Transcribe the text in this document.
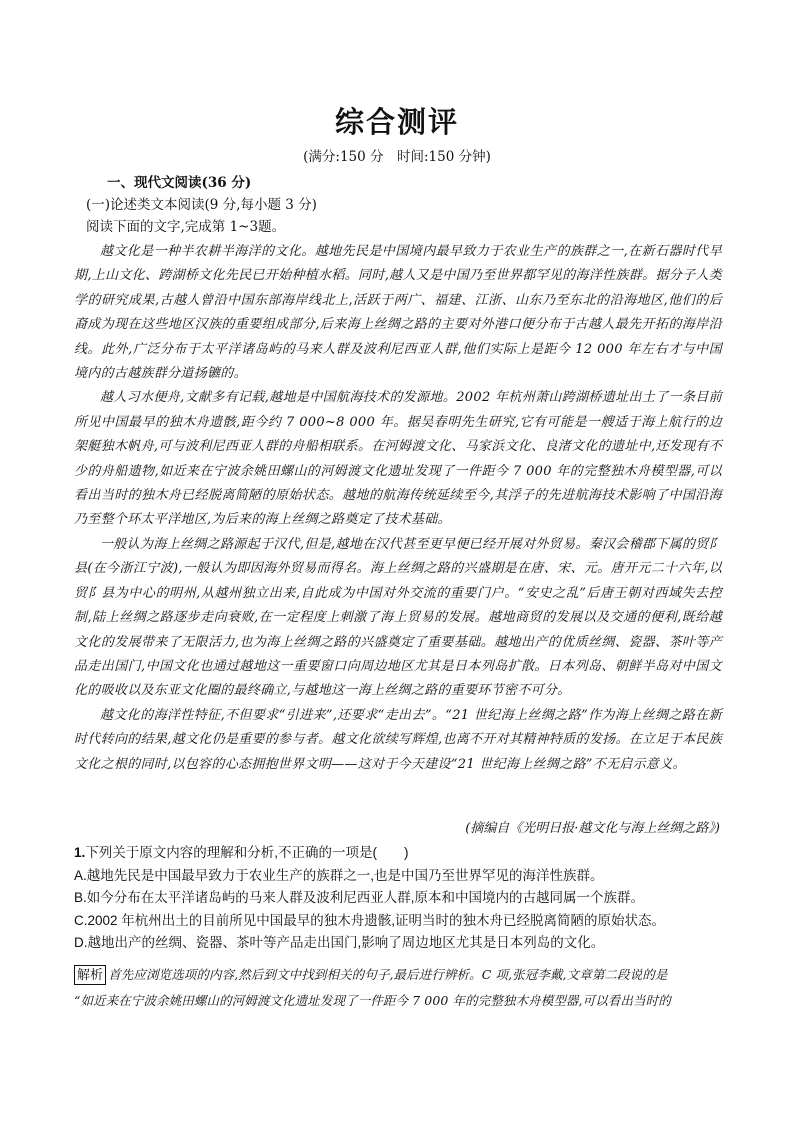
综合测评
(满分:150 分　时间:150 分钟)
一、现代文阅读(36 分)
(一)论述类文本阅读(9 分,每小题 3 分)
阅读下面的文字,完成第 1~3题。

越文化是一种半农耕半海洋的文化。越地先民是中国境内最早致力于农业生产的族群之一,在新石器时代早期,上山文化、跨湖桥文化先民已开始种植水稻。同时,越人又是中国乃至世界都罕见的海洋性族群。据分子人类学的研究成果,古越人曾沿中国东部海岸线北上,活跃于两广、福建、江浙、山东乃至东北的沿海地区,他们的后裔成为现在这些地区汉族的重要组成部分,后来海上丝绸之路的主要对外港口便分布于古越人最先开拓的海岸沿线。此外,广泛分布于太平洋诸岛屿的马来人群及波利尼西亚人群,他们实际上是距今 12 000 年左右才与中国境内的古越族群分道扬镳的。

越人习水便舟,文献多有记载,越地是中国航海技术的发源地。2002 年杭州萧山跨湖桥遗址出土了一条目前所见中国最早的独木舟遗骸,距今约 7 000~8 000 年。据吴春明先生研究,它有可能是一艘适于海上航行的边架艇独木帆舟,可与波利尼西亚人群的舟船相联系。在河姆渡文化、马家浜文化、良渚文化的遗址中,还发现有不少的舟船遗物,如近来在宁波余姚田螺山的河姆渡文化遗址发现了一件距今 7 000 年的完整独木舟模型器,可以看出当时的独木舟已经脱离简陋的原始状态。越地的航海传统延续至今,其浮子的先进航海技术影响了中国沿海乃至整个环太平洋地区,为后来的海上丝绸之路奠定了技术基础。

一般认为海上丝绸之路源起于汉代,但是,越地在汉代甚至更早便已经开展对外贸易。秦汉会稽郡下属的贸阝县(在今浙江宁波),一般认为即因海外贸易而得名。海上丝绸之路的兴盛期是在唐、宋、元。唐开元二十六年,以贸阝县为中心的明州,从越州独立出来,自此成为中国对外交流的重要门户。“安史之乱”后唐王朝对西域失去控制,陆上丝绸之路逐步走向衰败,在一定程度上刺激了海上贸易的发展。越地商贸的发展以及交通的便利,既给越文化的发展带来了无限活力,也为海上丝绸之路的兴盛奠定了重要基础。越地出产的优质丝绸、瓷器、茶叶等产品走出国门,中国文化也通过越地这一重要窗口向周边地区尤其是日本列岛扩散。日本列岛、朝鲜半岛对中国文化的吸收以及东亚文化圈的最终确立,与越地这一海上丝绸之路的重要环节密不可分。

越文化的海洋性特征,不但要求“引进来”,还要求“走出去”。“21 世纪海上丝绸之路”作为海上丝绸之路在新时代转向的结果,越文化仍是重要的参与者。越文化欲续写辉煌,也离不开对其精神特质的发扬。在立足于本民族文化之根的同时,以包容的心态拥抱世界文明——这对于今天建设“21 世纪海上丝绸之路”不无启示意义。

(摘编自《光明日报·越文化与海上丝绸之路》)

1.下列关于原文内容的理解和分析,不正确的一项是(　　)

A.越地先民是中国最早致力于农业生产的族群之一,也是中国乃至世界罕见的海洋性族群。

B.如今分布在太平洋诸岛屿的马来人群及波利尼西亚人群,原本和中国境内的古越同属一个族群。

C.2002 年杭州出土的目前所见中国最早的独木舟遗骸,证明当时的独木舟已经脱离简陋的原始状态。

D.越地出产的丝绸、瓷器、茶叶等产品走出国门,影响了周边地区尤其是日本列岛的文化。

解析 首先应浏览选项的内容,然后到文中找到相关的句子,最后进行辨析。C 项,张冠李戴,文章第二段说的是

“如近来在宁波余姚田螺山的河姆渡文化遗址发现了一件距今 7 000 年的完整独木舟模型器,可以看出当时的
